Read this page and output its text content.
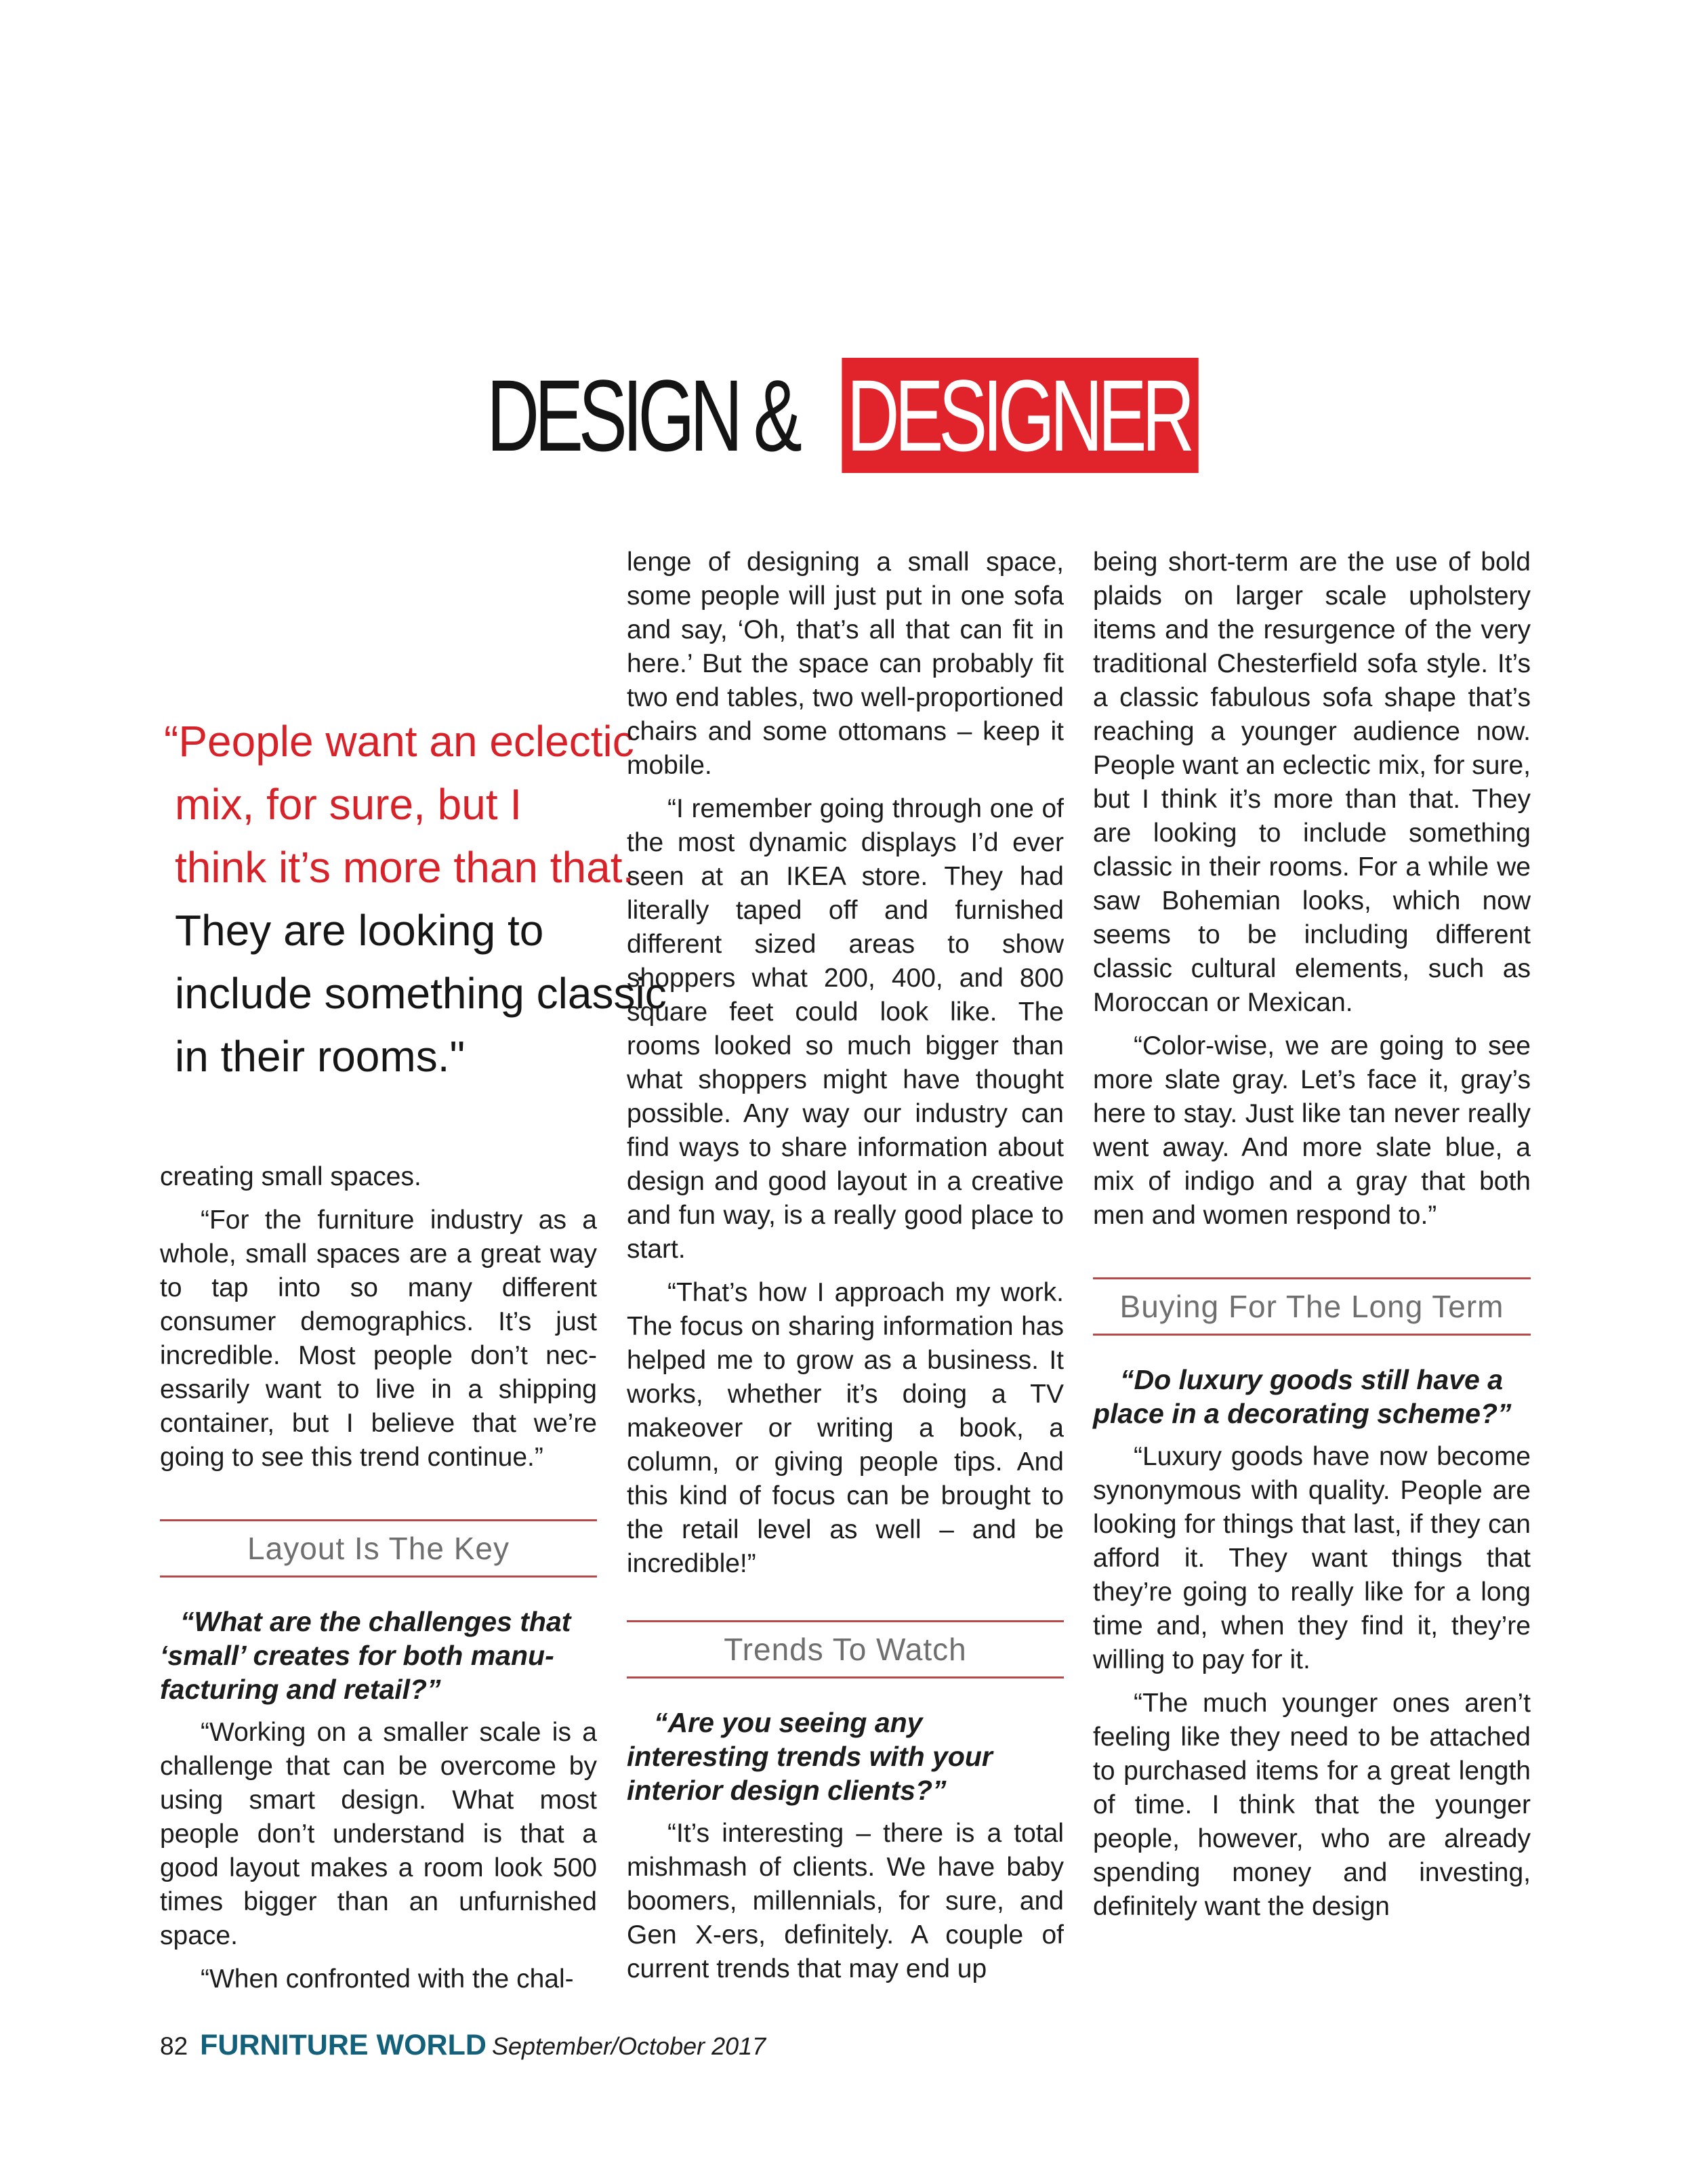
DESIGN & DESIGNER
“People want an eclectic
mix, for sure, but I
think it’s more than that.
They are looking to
include something classic
in their rooms."

creating small spaces.

“For the furniture industry as a whole, small spaces are a great way to tap into so many different consumer demographics. It’s just incredible. Most people don’t necessarily want to live in a shipping container, but I believe that we’re going to see this trend continue.”

Layout Is The Key

“What are the challenges that ‘small’ creates for both manufacturing and retail?”

“Working on a smaller scale is a challenge that can be overcome by using smart design. What most people don’t understand is that a good layout makes a room look 500 times bigger than an unfurnished space.

“When confronted with the chal-

lenge of designing a small space, some people will just put in one sofa and say, ‘Oh, that’s all that can fit in here.’ But the space can probably fit two end tables, two well-proportioned chairs and some ottomans – keep it mobile.

“I remember going through one of the most dynamic displays I’d ever seen at an IKEA store. They had literally taped off and furnished different sized areas to show shoppers what 200, 400, and 800 square feet could look like. The rooms looked so much bigger than what shoppers might have thought possible. Any way our industry can find ways to share information about design and good layout in a creative and fun way, is a really good place to start.

“That’s how I approach my work. The focus on sharing information has helped me to grow as a business. It works, whether it’s doing a TV makeover or writing a book, a column, or giving people tips. And this kind of focus can be brought to the retail level as well – and be incredible!”

Trends To Watch

“Are you seeing any interesting trends with your interior design clients?”

“It’s interesting – there is a total mishmash of clients. We have baby boomers, millennials, for sure, and Gen X-ers, definitely. A couple of current trends that may end up

being short-term are the use of bold plaids on larger scale upholstery items and the resurgence of the very traditional Chesterfield sofa style. It’s a classic fabulous sofa shape that’s reaching a younger audience now. People want an eclectic mix, for sure, but I think it’s more than that. They are looking to include something classic in their rooms. For a while we saw Bohemian looks, which now seems to be including different classic cultural elements, such as Moroccan or Mexican.

“Color-wise, we are going to see more slate gray. Let’s face it, gray’s here to stay. Just like tan never really went away. And more slate blue, a mix of indigo and a gray that both men and women respond to.”

Buying For The Long Term

“Do luxury goods still have a place in a decorating scheme?”

“Luxury goods have now become synonymous with quality. People are looking for things that last, if they can afford it. They want things that they’re going to really like for a long time and, when they find it, they’re willing to pay for it.

“The much younger ones aren’t feeling like they need to be attached to purchased items for a great length of time. I think that the younger people, however, who are already spending money and investing, definitely want the design

82 FURNITURE WORLD September/October 2017
